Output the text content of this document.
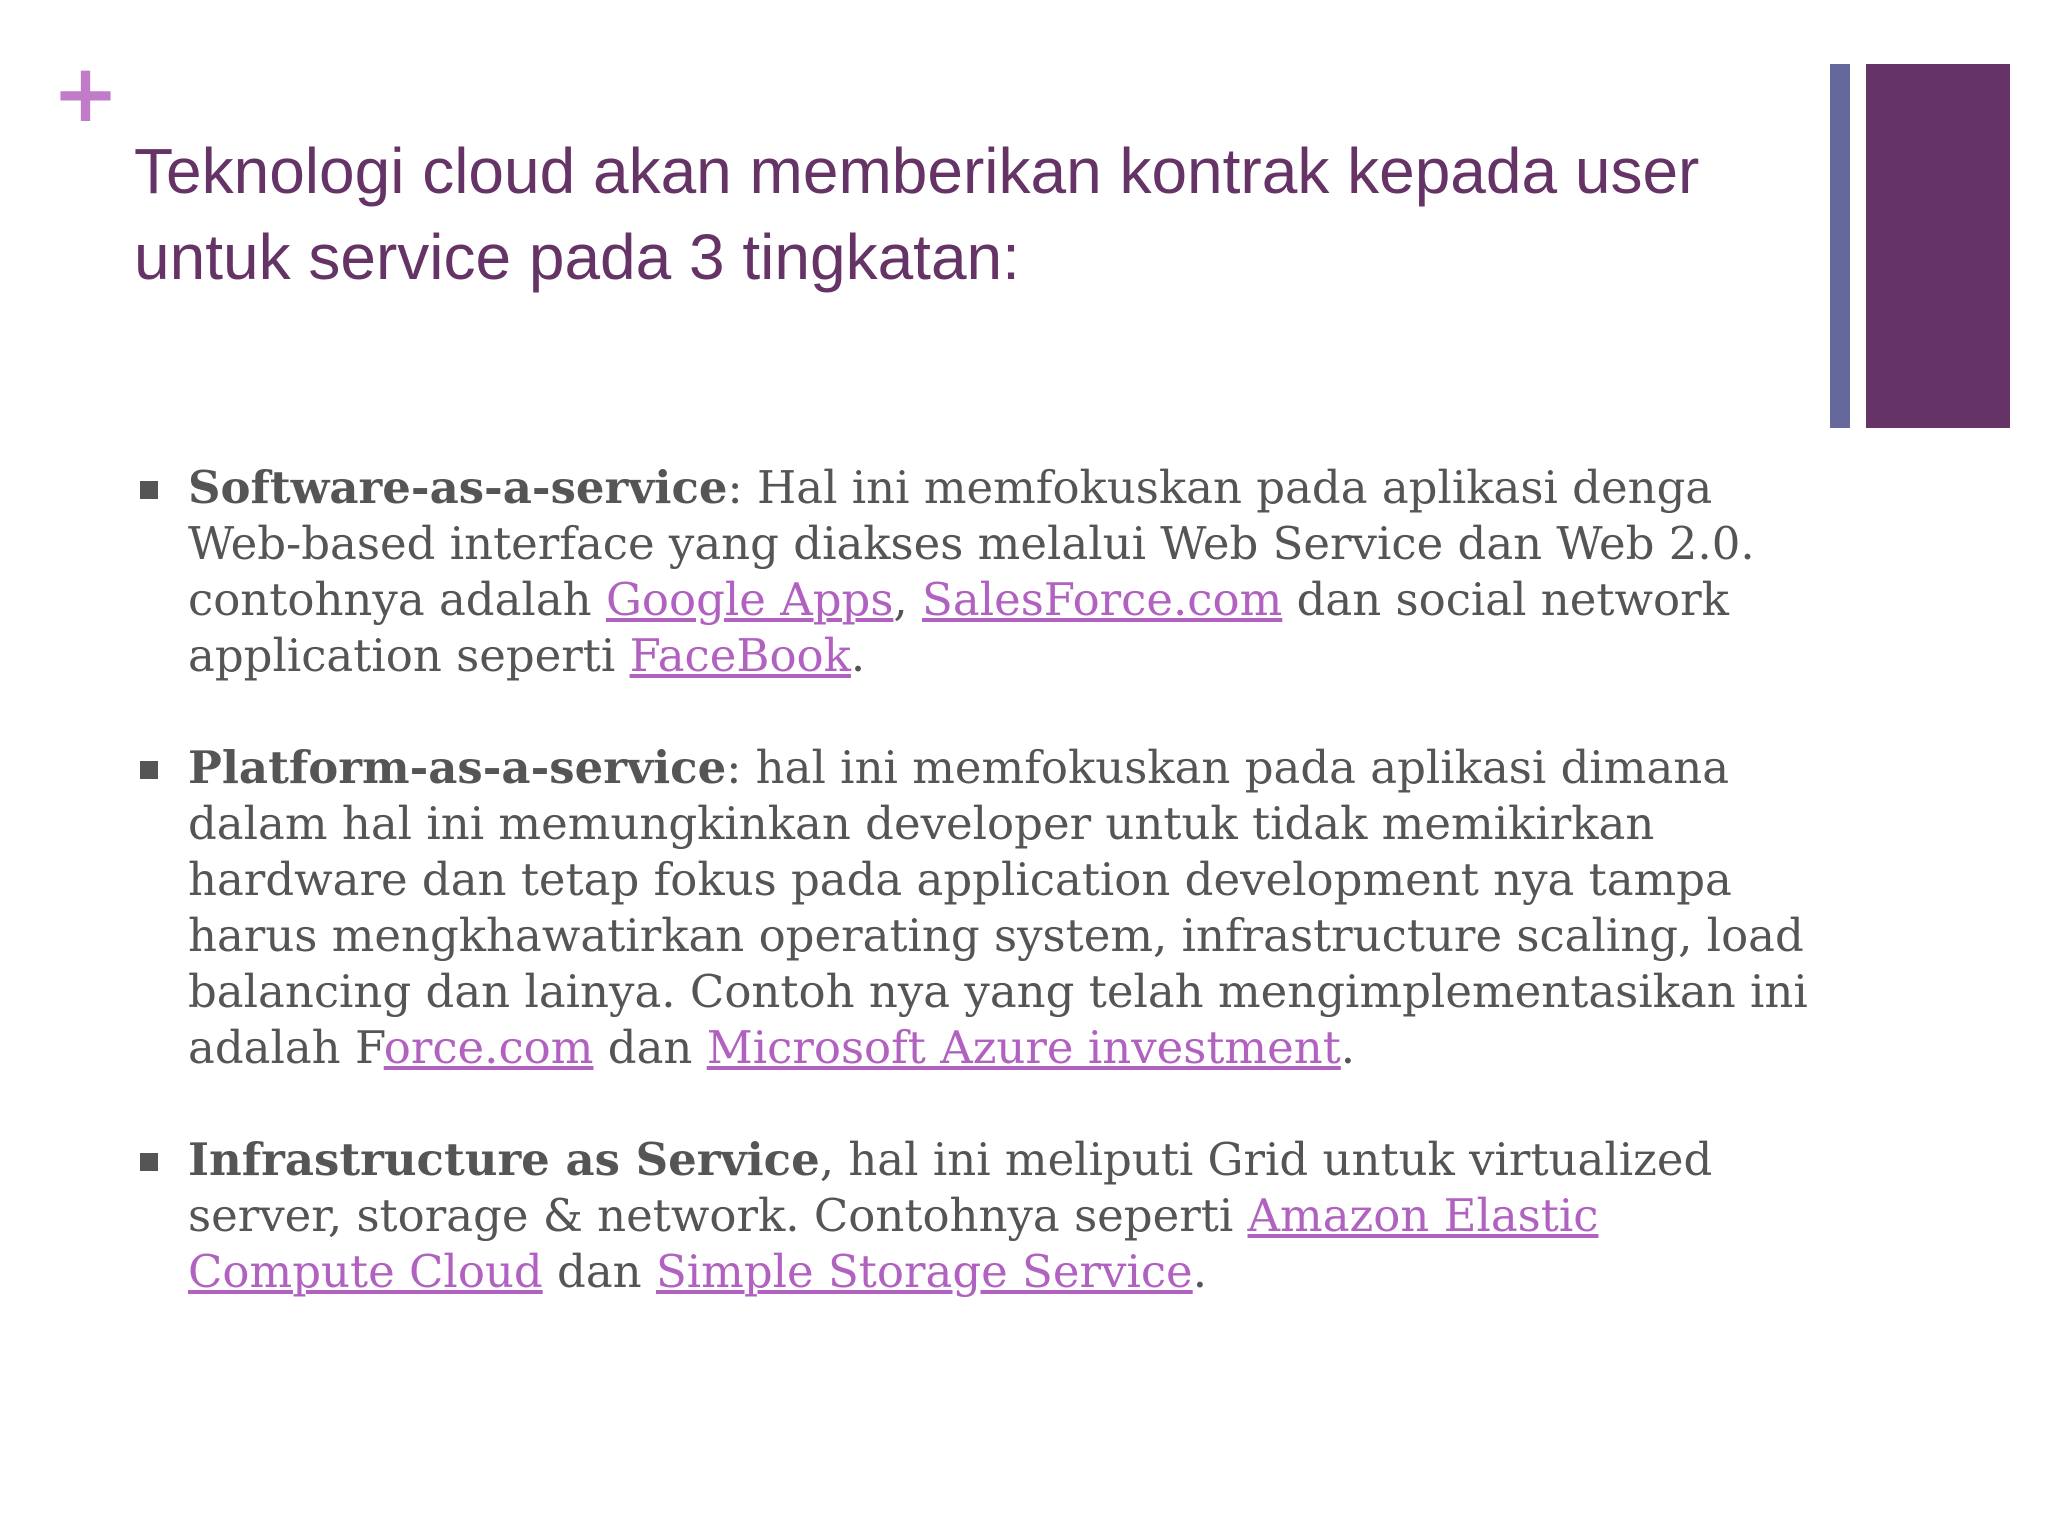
+
Teknologi cloud akan memberikan kontrak kepada user untuk service pada 3 tingkatan:
Software-as-a-service: Hal ini memfokuskan pada aplikasi denga Web-based interface yang diakses melalui Web Service dan Web 2.0. contohnya adalah Google Apps, SalesForce.com dan social network application seperti FaceBook.
Platform-as-a-service: hal ini memfokuskan pada aplikasi dimana dalam hal ini memungkinkan developer untuk tidak memikirkan hardware dan tetap fokus pada application development nya tampa harus mengkhawatirkan operating system, infrastructure scaling, load balancing dan lainya. Contoh nya yang telah mengimplementasikan ini adalah Force.com dan Microsoft Azure investment.
Infrastructure as Service, hal ini meliputi Grid untuk virtualized server, storage & network. Contohnya seperti Amazon Elastic Compute Cloud dan Simple Storage Service.
